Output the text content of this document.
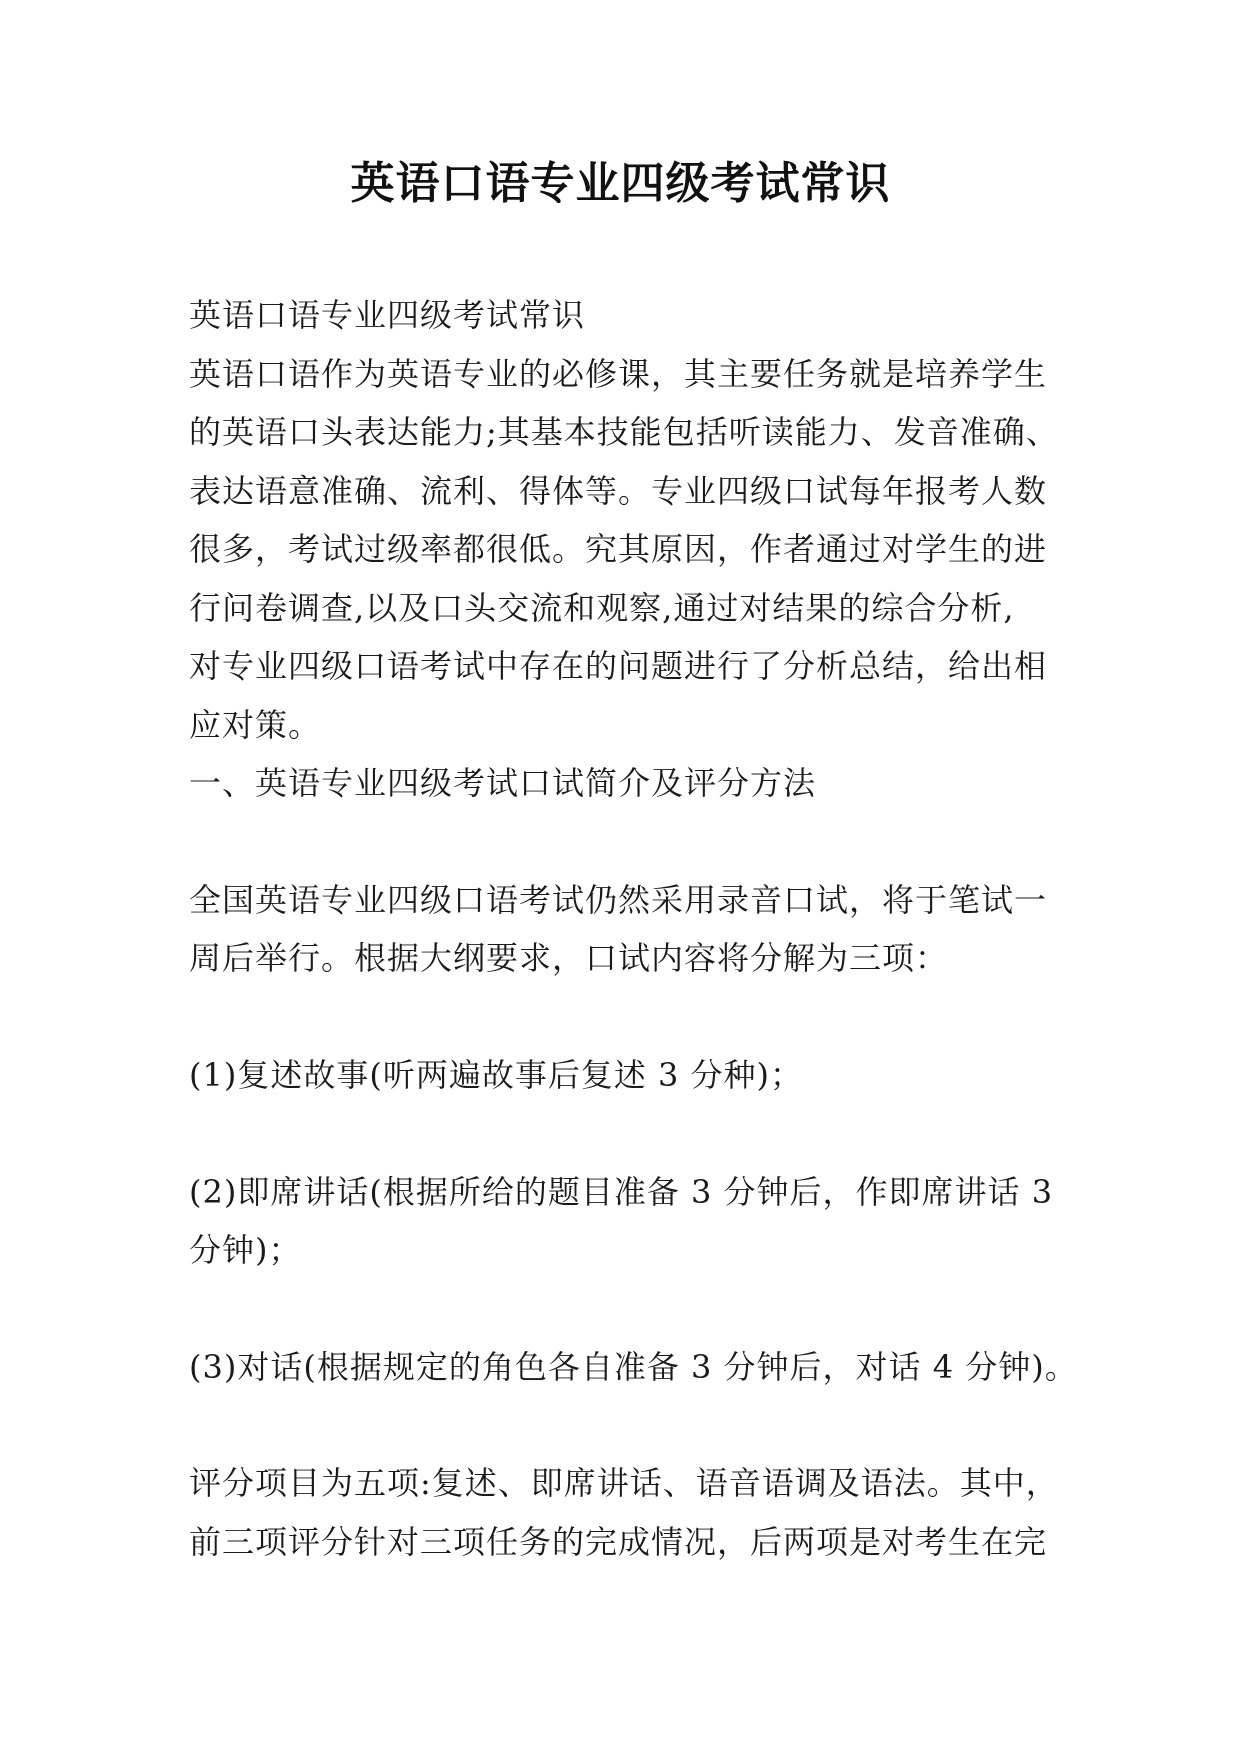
英语口语专业四级考试常识
英语口语专业四级考试常识
英语口语作为英语专业的必修课，其主要任务就是培养学生
的英语口头表达能力;其基本技能包括听读能力、发音准确、
表达语意准确、流利、得体等。专业四级口试每年报考人数
很多，考试过级率都很低。究其原因，作者通过对学生的进
行问卷调查,以及口头交流和观察,通过对结果的综合分析,
对专业四级口语考试中存在的问题进行了分析总结，给出相
应对策。
一、英语专业四级考试口试简介及评分方法
全国英语专业四级口语考试仍然采用录音口试，将于笔试一
周后举行。根据大纲要求，口试内容将分解为三项：
(1)复述故事(听两遍故事后复述 3 分种)；
(2)即席讲话(根据所给的题目准备 3 分钟后，作即席讲话 3
分钟)；
(3)对话(根据规定的角色各自准备 3 分钟后，对话 4 分钟)。
评分项目为五项:复述、即席讲话、语音语调及语法。其中，
前三项评分针对三项任务的完成情况，后两项是对考生在完
